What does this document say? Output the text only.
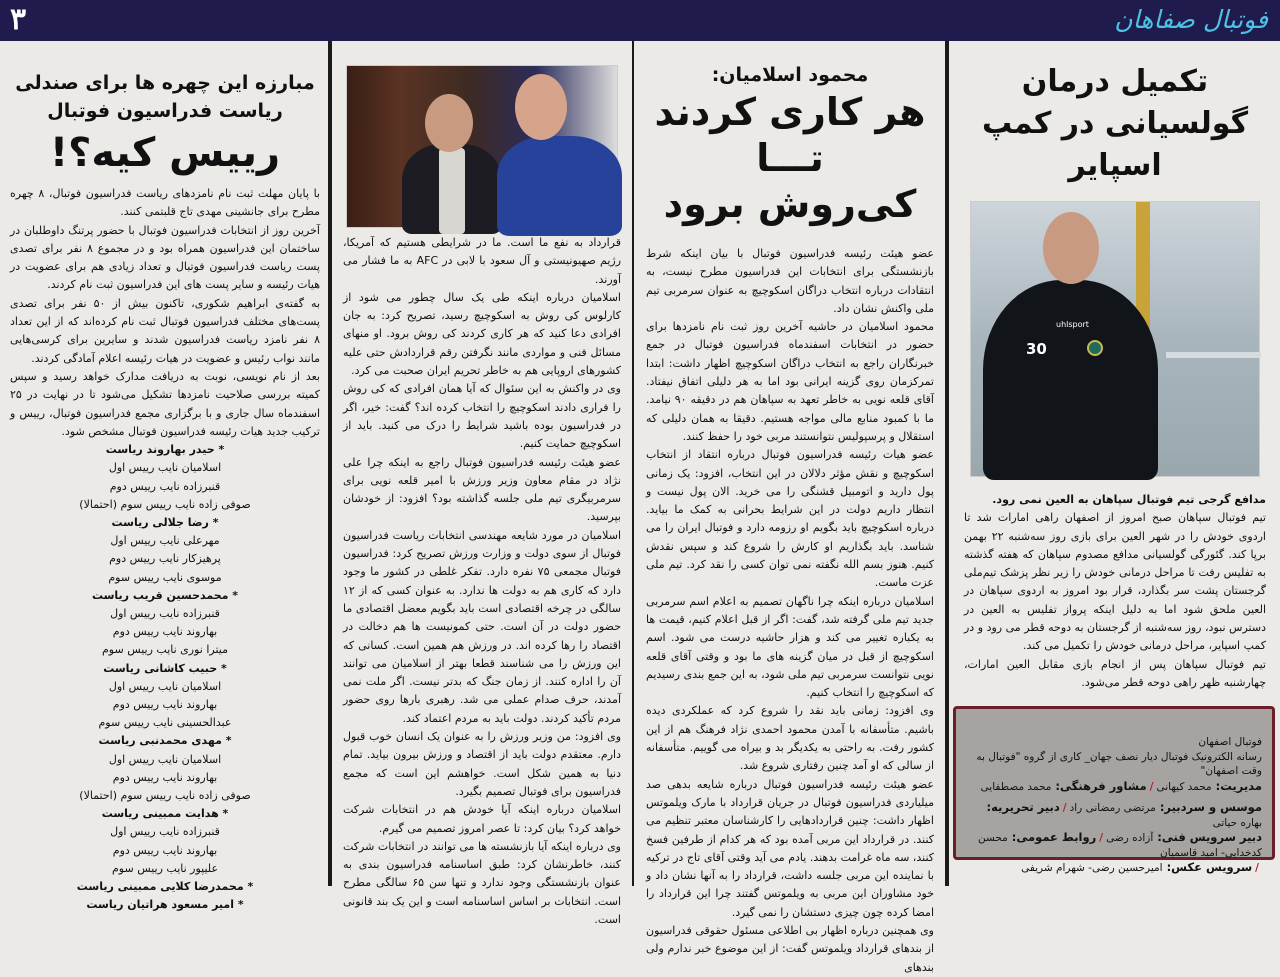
۳	فوتبال صفاهان
مبارزه این چهره ها برای صندلی
ریاست فدراسیون فوتبال
رییس کیه؟!

با پایان مهلت ثبت نام نامزدهای ریاست فدراسیون فوتبال، ۸ چهره مطرح برای جانشینی مهدی تاج قلبتمی کنند.

آخرین روز از انتخابات فدراسیون فوتبال با حضور پرتنگ داوطلبان در ساختمان این فدراسیون همراه بود و در مجموع ۸ نفر برای تصدی پست ریاست فدراسیون فوتبال و تعداد زیادی هم برای عضویت در هیات رئیسه و سایر پست های این فدراسیون ثبت نام کردند.

به گفته‌ی ابراهیم شکوری، تاکنون بیش از ۵۰ نفر برای تصدی پست‌های مختلف فدراسیون فوتبال ثبت نام کرده‌اند که از این تعداد ۸ نفر نامزد ریاست فدراسیون شدند و سایرین برای کرسی‌هایی مانند نواب رئیس و عضویت در هیات رئیسه اعلام آمادگی کردند.

بعد از نام نویسی، نوبت به دریافت مدارک خواهد رسید و سپس کمیته بررسی صلاحیت نامزدها تشکیل می‌شود تا در نهایت در ۲۵ اسفندماه سال جاری و با برگزاری مجمع فدراسیون فوتبال، رییس و ترکیب جدید هیات رئیسه فدراسیون فوتبال مشخص شود.

* حیدر بهاروند ریاست
اسلامیان نایب رییس اول
قنبرزاده نایب رییس دوم
صوفی زاده نایب رییس سوم (احتمالا)
* رضا جلالی ریاست
مهرعلی نایب رییس اول
پرهیزکار نایب رییس دوم
موسوی نایب رییس سوم
* محمدحسین قریب ریاست
قنبرزاده نایب رییس اول
بهاروند نایب رییس دوم
میترا نوری نایب رییس سوم
* حبیب کاشانی ریاست
اسلامیان نایب رییس اول
بهاروند نایب رییس دوم
عبدالحسینی نایب رییس سوم
* مهدی محمدنبی ریاست
اسلامیان نایب رییس اول
بهاروند نایب رییس دوم
صوفی زاده نایب رییس سوم (احتمالا)
* هدایت ممبینی ریاست
قنبرزاده نایب رییس اول
بهاروند نایب رییس دوم
علیپور نایب رییس سوم
* محمدرضا کلایی ممبینی ریاست
* امیر مسعود هراتیان ریاست

قرارداد به نفع ما است. ما در شرایطی هستیم که آمریکا، رژیم صهیونیستی و آل سعود با لابی در AFC به ما فشار می آورند.

اسلامیان درباره اینکه طی یک سال چطور می شود از کارلوس کی روش به اسکوچیچ رسید، تصریح کرد: به جان افرادی دعا کنید که هر کاری کردند کی روش برود. او منهای مسائل فنی و مواردی مانند نگرفتن رقم قراردادش حتی علیه کشورهای اروپایی هم به خاطر تحریم ایران صحبت می کرد.

وی در واکنش به این سئوال که آیا همان افرادی که کی روش را فراری دادند اسکوچیچ را انتخاب کرده اند؟ گفت: خیر، اگر در فدراسیون بوده باشید شرایط را درک می کنید. باید از اسکوچیچ حمایت کنیم.

عضو هیئت رئیسه فدراسیون فوتبال راجع به اینکه چرا علی نژاد در مقام معاون وزیر ورزش با امیر قلعه نویی برای سرمربیگری تیم ملی جلسه گذاشته بود؟ افزود: از خودشان بپرسید.

اسلامیان در مورد شایعه مهندسی انتخابات ریاست فدراسیون فوتبال از سوی دولت و وزارت ورزش تصریح کرد: فدراسیون فوتبال مجمعی ۷۵ نفره دارد. تفکر غلطی در کشور ما وجود دارد که کاری هم به دولت ها ندارد. به عنوان کسی که از ۱۲ سالگی در چرخه اقتصادی است باید بگویم معضل اقتصادی ما حضور دولت در آن است. حتی کمونیست ها هم دخالت در اقتصاد را رها کرده اند. در ورزش هم همین است. کسانی که این ورزش را می شناسند قطعا بهتر از اسلامیان می توانند آن را اداره کنند. از زمان جنگ که بدتر نیست. اگر ملت نمی آمدند، حرف صدام عملی می شد. رهبری بارها روی حضور مردم تأکید کردند. دولت باید به مردم اعتماد کند.

وی افزود: من وزیر ورزش را به عنوان یک انسان خوب قبول دارم. معتقدم دولت باید از اقتصاد و ورزش بیرون بیاید. تمام دنیا به همین شکل است. خواهشم این است که مجمع فدراسیون برای فوتبال تصمیم بگیرد.

اسلامیان درباره اینکه آیا خودش هم در انتخابات شرکت خواهد کرد؟ بیان کرد: تا عصر امروز تصمیم می گیرم.

وی درباره اینکه آیا بازنشسته ها می توانند در انتخابات شرکت کنند، خاطرنشان کرد: طبق اساسنامه فدراسیون بندی به عنوان بازنشستگی وجود ندارد و تنها سن ۶۵ سالگی مطرح است. انتخابات بر اساس اساسنامه است و این یک بند قانونی است.

محمود اسلامیان:
هر کاری کردند تـــا
کی‌روش برود

عضو هیئت رئیسه فدراسیون فوتبال با بیان اینکه شرط بازنشستگی برای انتخابات این فدراسیون مطرح نیست، به انتقادات درباره انتخاب دراگان اسکوچیچ به عنوان سرمربی تیم ملی واکنش نشان داد.

محمود اسلامیان در حاشیه آخرین روز ثبت نام نامزدها برای حضور در انتخابات اسفندماه فدراسیون فوتبال در جمع خبرنگاران راجع به انتخاب دراگان اسکوچیچ اظهار داشت: ابتدا تمرکزمان روی گزینه ایرانی بود اما به هر دلیلی اتفاق نیفتاد. آقای قلعه نویی به خاطر تعهد به سپاهان هم در دقیقه ۹۰ نیامد. ما با کمبود منابع مالی مواجه هستیم. دقیقا به همان دلیلی که استقلال و پرسپولیس نتوانستند مربی خود را حفظ کنند.

عضو هیات رئیسه فدراسیون فوتبال درباره انتقاد از انتخاب اسکوچیچ و نقش مؤثر دلالان در این انتخاب، افزود: یک زمانی پول دارید و اتومبیل قشنگی را می خرید. الان پول نیست و انتظار داریم دولت در این شرایط بحرانی به کمک ما بیاید. درباره اسکوچیچ باید بگویم او رزومه دارد و فوتبال ایران را می شناسد. باید بگذاریم او کارش را شروع کند و سپس نقدش کنیم. هنوز بسم الله نگفته نمی توان کسی را نقد کرد. تیم ملی عزت ماست.

اسلامیان درباره اینکه چرا ناگهان تصمیم به اعلام اسم سرمربی جدید تیم ملی گرفته شد، گفت: اگر از قبل اعلام کنیم، قیمت ها به یکباره تغییر می کند و هزار حاشیه درست می شود. اسم اسکوچیچ از قبل در میان گزینه های ما بود و وقتی آقای قلعه نویی نتوانست سرمربی تیم ملی شود، به این جمع بندی رسیدیم که اسکوچیچ را انتخاب کنیم.

وی افزود: زمانی باید نقد را شروع کرد که عملکردی دیده باشیم. متأسفانه با آمدن محمود احمدی نژاد فرهنگ هم از این کشور رفت. به راحتی به یکدیگر بد و بیراه می گوییم. متأسفانه از سالی که او آمد چنین رفتاری شروع شد.

عضو هیئت رئیسه فدراسیون فوتبال درباره شایعه بدهی صد میلیاردی فدراسیون فوتبال در جریان قرارداد با مارک ویلموتس اظهار داشت: چنین قراردادهایی را کارشناسان معتبر تنظیم می کنند. در قرارداد این مربی آمده بود که هر کدام از طرفین فسخ کنند، سه ماه غرامت بدهند. یادم می آید وقتی آقای تاج در ترکیه با نماینده این مربی جلسه داشت، قرارداد را به آنها نشان داد و خود مشاوران این مربی به ویلموتس گفتند چرا این قرارداد را امضا کرده چون چیزی دستشان را نمی گیرد.

وی همچنین درباره اظهار بی اطلاعی مسئول حقوقی فدراسیون از بندهای قرارداد ویلموتس گفت: از این موضوع خبر ندارم ولی بندهای

تکمیل درمان گولسیانی در کمپ اسپایر
30
uhlsport

مدافع گرجی تیم فوتبال سپاهان به العین نمی رود.

تیم فوتبال سپاهان صبح امروز از اصفهان راهی امارات شد تا اردوی خودش را در شهر العین برای بازی روز سه‌شنبه ۲۲ بهمن برپا کند. گئورگی گولسیانی مدافع مصدوم سپاهان که هفته گذشته به تفلیس رفت تا مراحل درمانی خودش را زیر نظر پزشک تیم‌ملی گرجستان پشت سر بگذارد، قرار بود امروز به اردوی سپاهان در العین ملحق شود اما به دلیل اینکه پرواز تفلیس به العین در دسترس نبود، روز سه‌شنبه از گرجستان به دوحه قطر می رود و در کمپ اسپایر، مراحل درمانی خودش را تکمیل می کند.

تیم فوتبال سپاهان پس از انجام بازی مقابل العین امارات، چهارشنبه ظهر راهی دوحه قطر می‌شود.

فوتبال اصفهان
رسانه الکترونیک فوتبال دیار نصف جهان_ کاری از گروه "فوتبال به وقت اصفهان"
مدیریت: محمد کیهانی/مشاور فرهنگی: محمد مصطفایی
موسس و سردبیر: مرتضی رمضانی راد/دبیر تحریریه: بهاره حیاتی
دبیر سرویس فنی: آزاده رضی/روابط عمومی: محسن کدخدایی- امید قاسمیان
/سرویس عکس: امیرحسین رضی- شهرام شریفی
